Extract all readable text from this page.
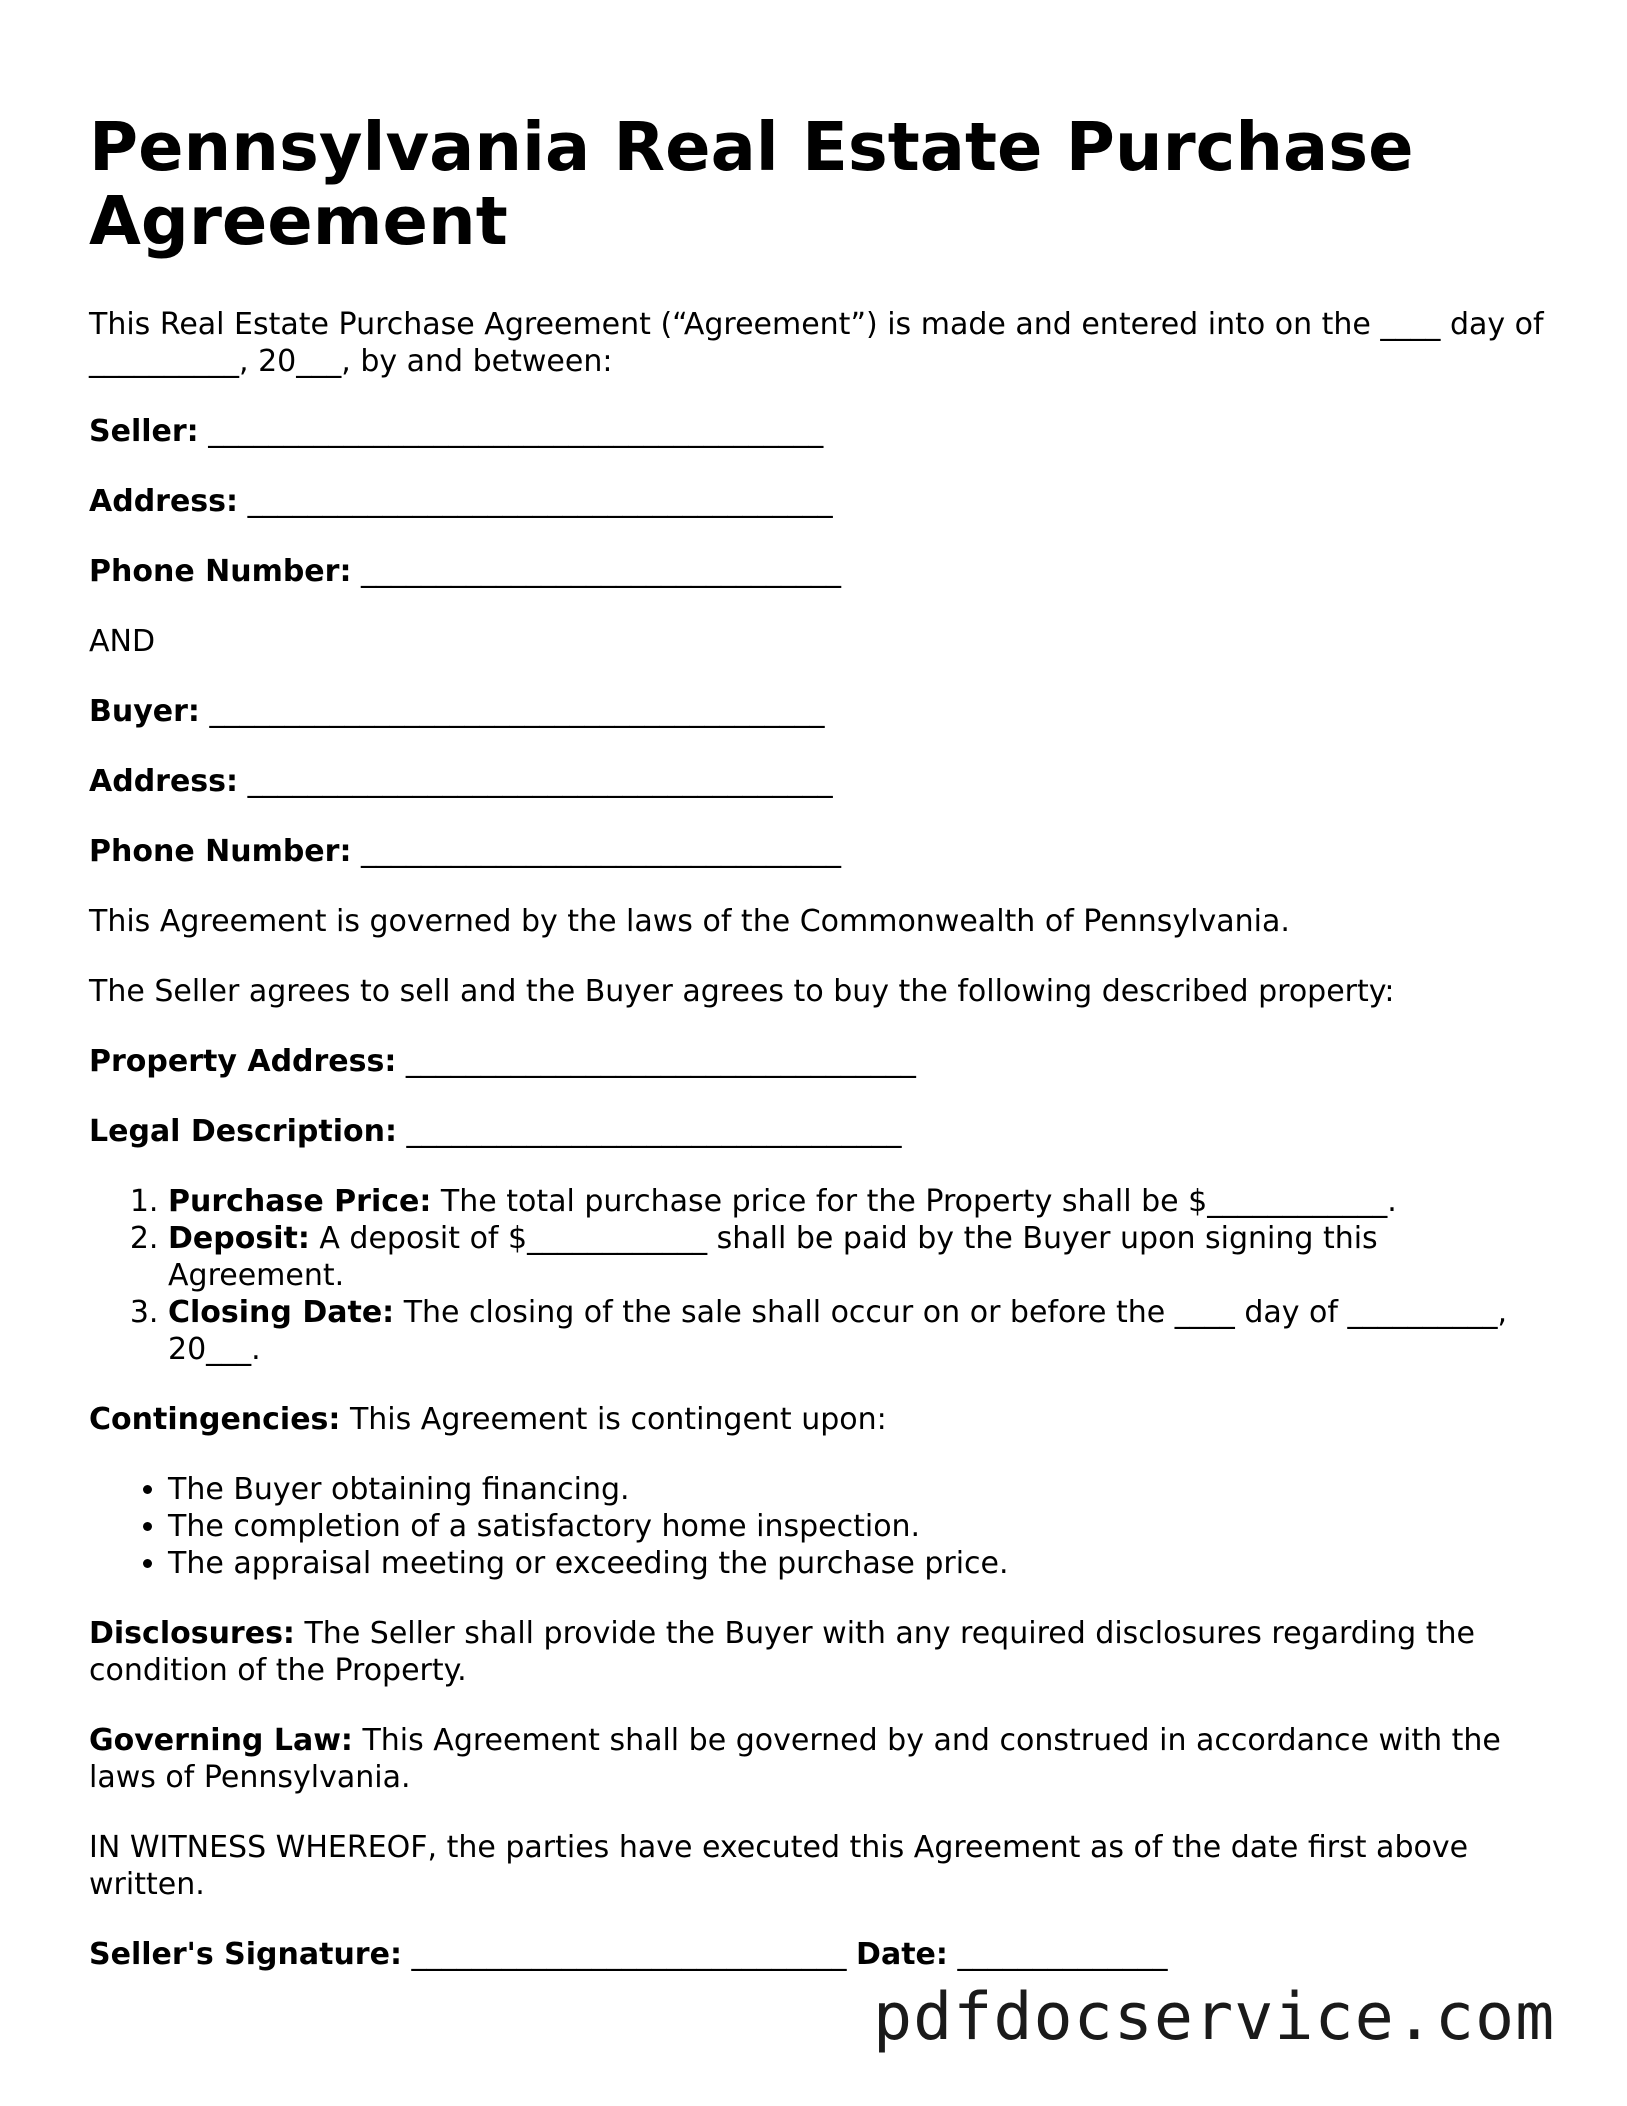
Pennsylvania Real Estate Purchase Agreement

This Real Estate Purchase Agreement (“Agreement”) is made and entered into on the ____ day of __________, 20___, by and between:

Seller: _________________________________________

Address: _______________________________________

Phone Number: ________________________________

AND

Buyer: _________________________________________

Address: _______________________________________

Phone Number: ________________________________

This Agreement is governed by the laws of the Commonwealth of Pennsylvania.

The Seller agrees to sell and the Buyer agrees to buy the following described property:

Property Address: __________________________________

Legal Description: _________________________________

1. Purchase Price: The total purchase price for the Property shall be $____________.
2. Deposit: A deposit of $____________ shall be paid by the Buyer upon signing this Agreement.
3. Closing Date: The closing of the sale shall occur on or before the ____ day of __________, 20___.

Contingencies: This Agreement is contingent upon:

• The Buyer obtaining financing.
• The completion of a satisfactory home inspection.
• The appraisal meeting or exceeding the purchase price.

Disclosures: The Seller shall provide the Buyer with any required disclosures regarding the condition of the Property.

Governing Law: This Agreement shall be governed by and construed in accordance with the laws of Pennsylvania.

IN WITNESS WHEREOF, the parties have executed this Agreement as of the date first above written.

Seller's Signature: _____________________________ Date: ______________

pdfdocservice.com
